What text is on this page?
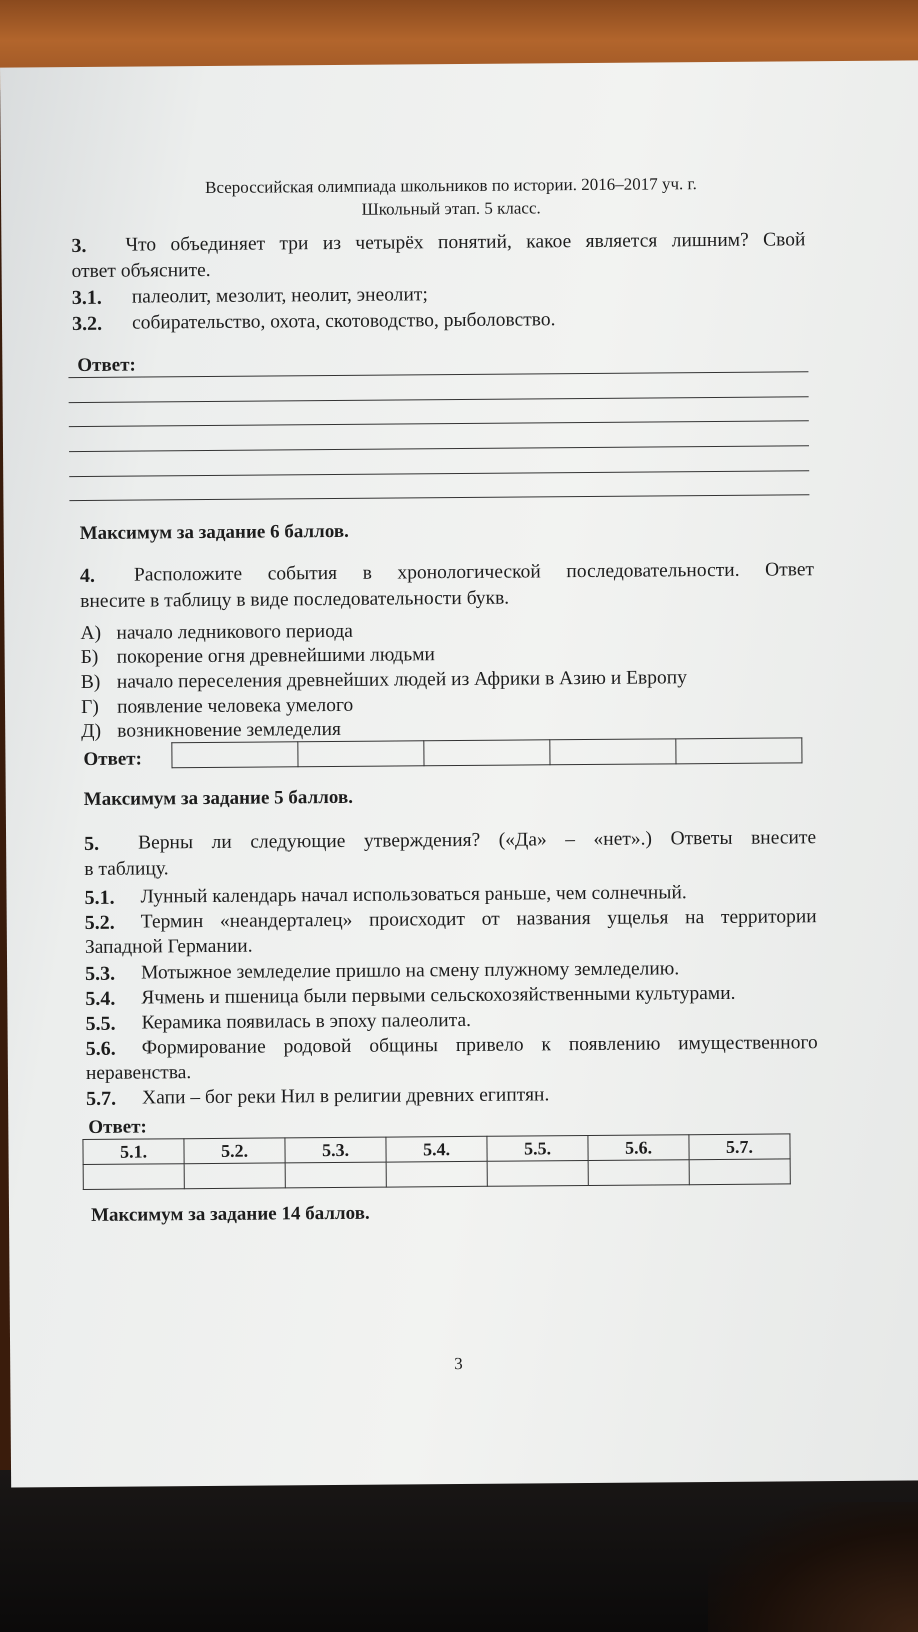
Всероссийская олимпиада школьников по истории. 2016–2017 уч. г.
Школьный этап. 5 класс.
3. Что объединяет три из четырёх понятий, какое является лишним? Свой
ответ объясните.
3.1. палеолит, мезолит, неолит, энеолит;
3.2. собирательство, охота, скотоводство, рыболовство.
Ответ:
Максимум за задание 6 баллов.
4. Расположите события в хронологической последовательности. Ответ
внесите в таблицу в виде последовательности букв.
А) начало ледникового периода
Б) покорение огня древнейшими людьми
В) начало переселения древнейших людей из Африки в Азию и Европу
Г) появление человека умелого
Д) возникновение земледелия
Ответ:

Максимум за задание 5 баллов.
5. Верны ли следующие утверждения? («Да» – «нет».) Ответы внесите
в таблицу.
5.1. Лунный календарь начал использоваться раньше, чем солнечный.
5.2. Термин «неандерталец» происходит от названия ущелья на территории
Западной Германии.
5.3. Мотыжное земледелие пришло на смену плужному земледелию.
5.4. Ячмень и пшеница были первыми сельскохозяйственными культурами.
5.5. Керамика появилась в эпоху палеолита.
5.6. Формирование родовой общины привело к появлению имущественного
неравенства.
5.7. Хапи – бог реки Нил в религии древних египтян.
Ответ:
5.1.	5.2.	5.3.	5.4.	5.5.	5.6.	5.7.

Максимум за задание 14 баллов.
3
